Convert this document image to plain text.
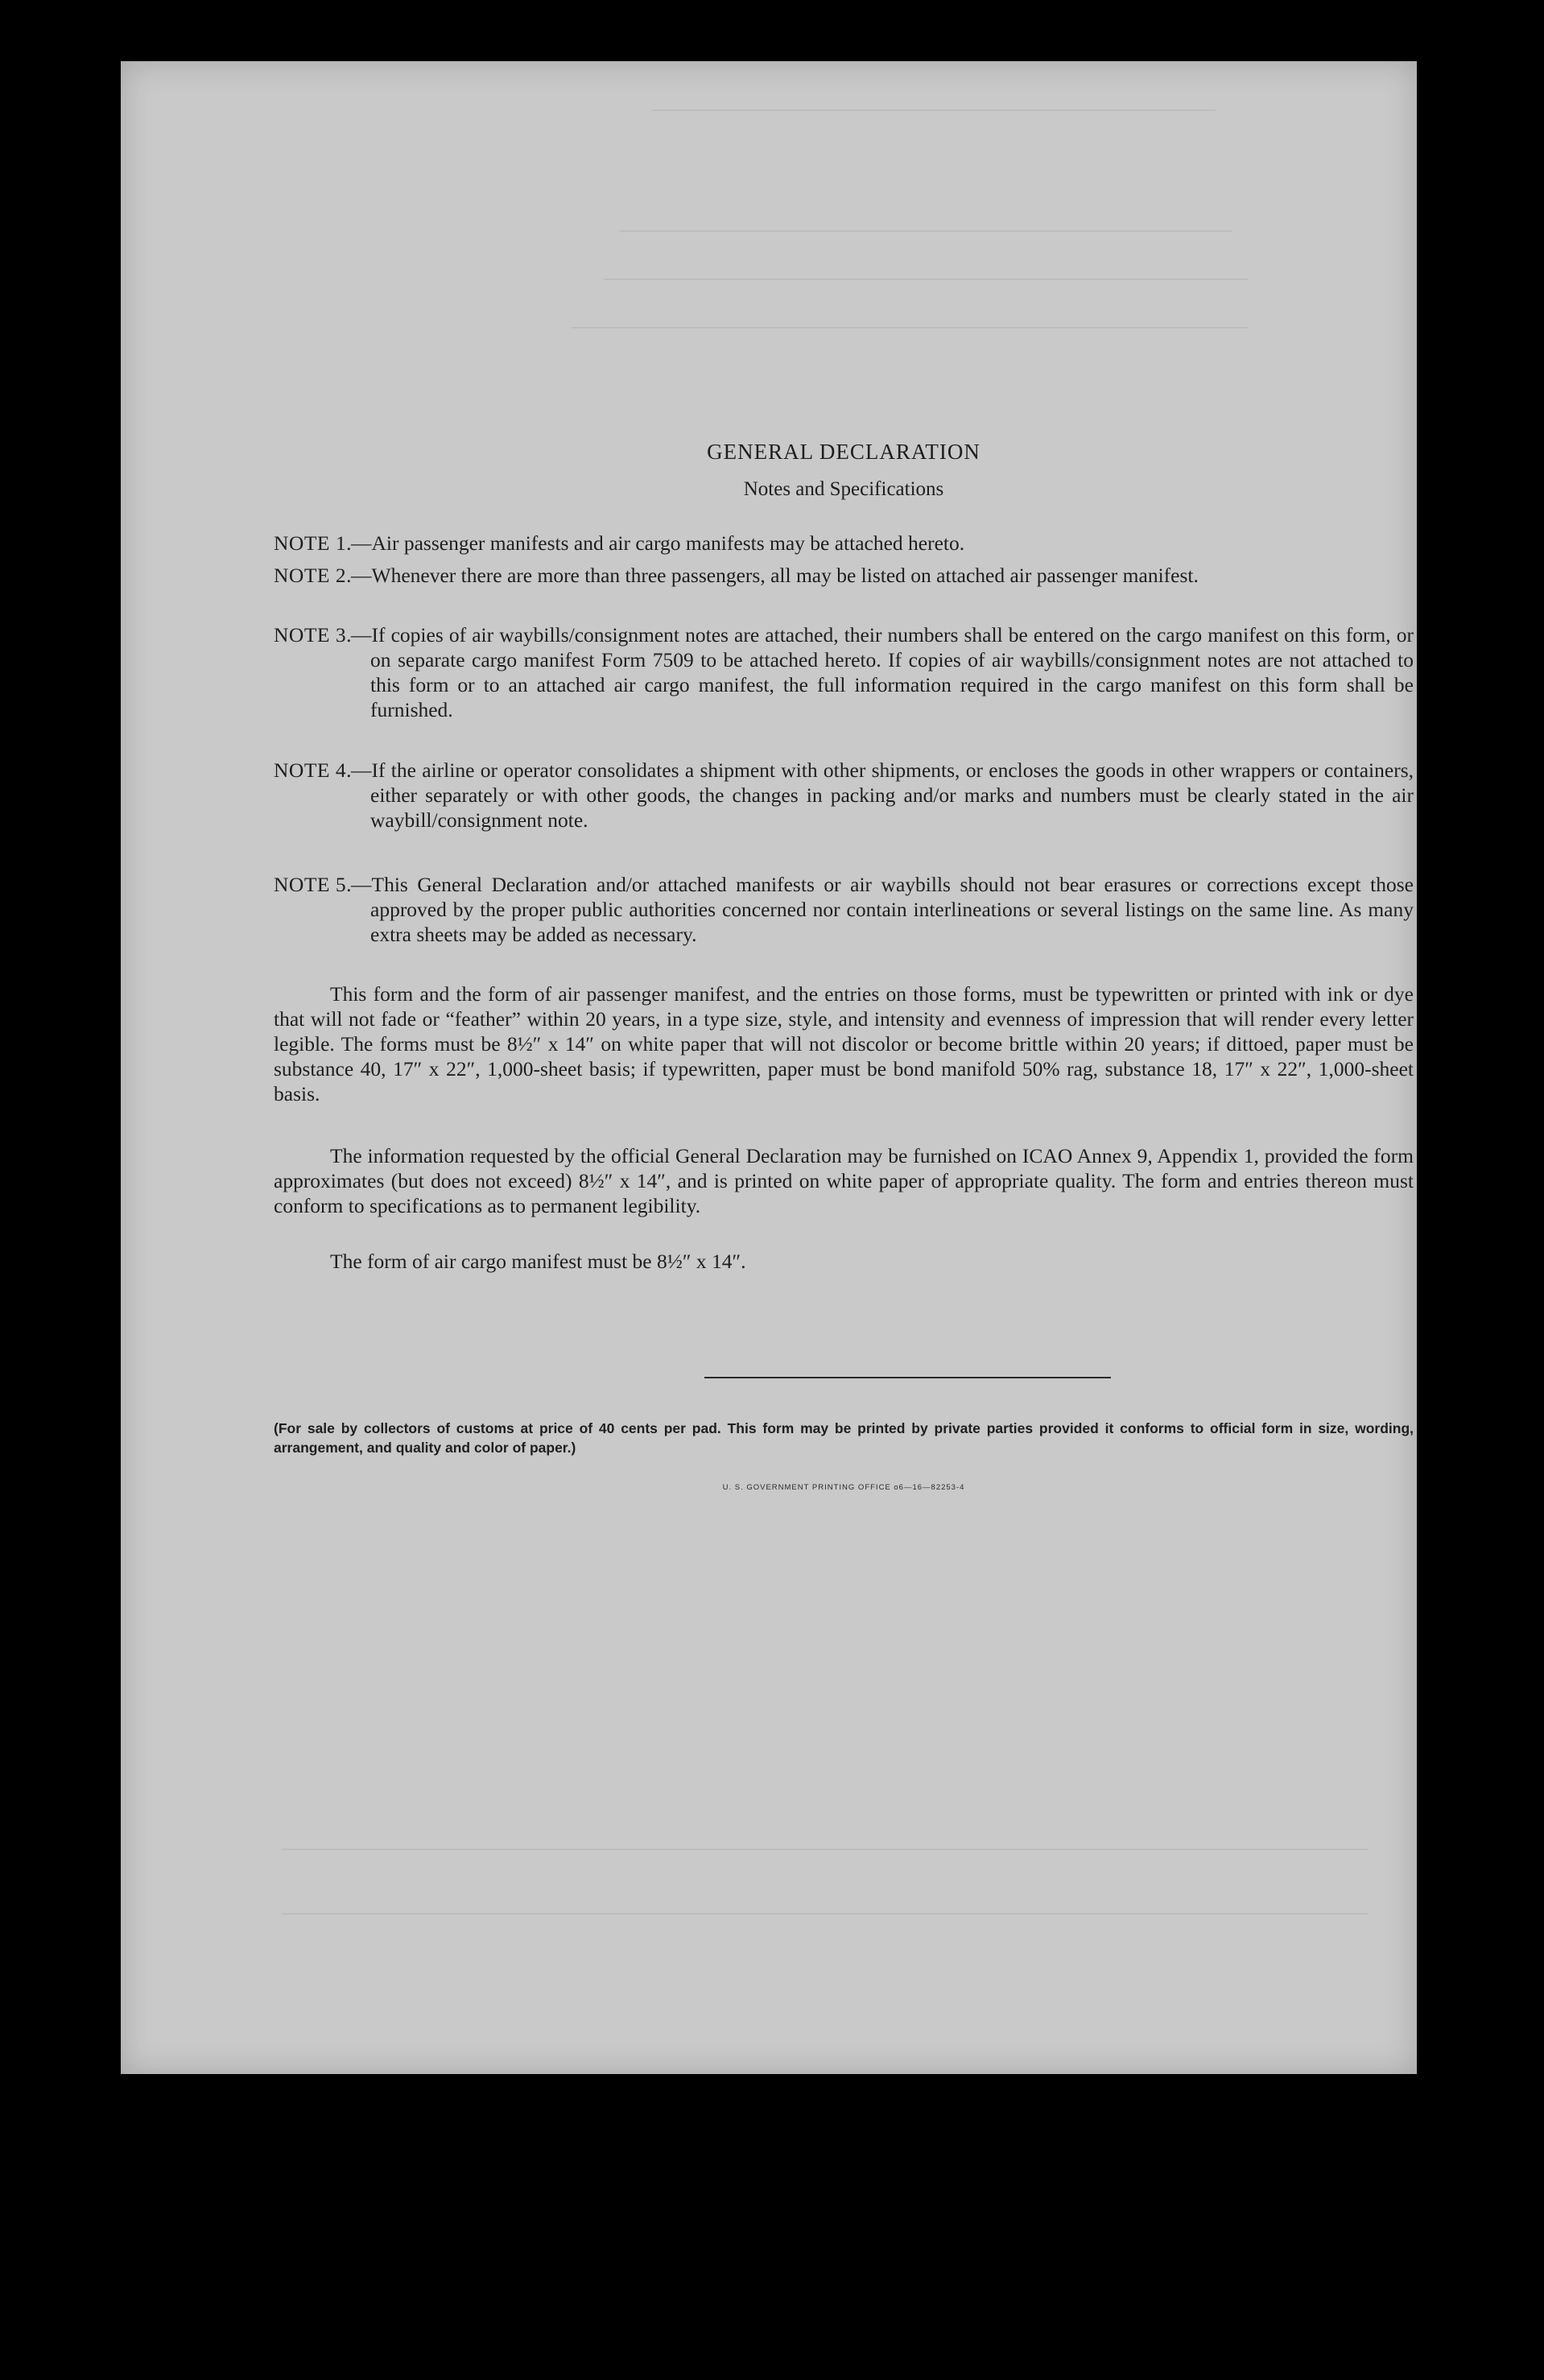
GENERAL DECLARATION
Notes and Specifications
NOTE 1. —Air passenger manifests and air cargo manifests may be attached hereto.
NOTE 2. —Whenever there are more than three passengers, all may be listed on attached air passenger manifest.
NOTE 3. —If copies of air waybills/consignment notes are attached, their numbers shall be entered on the cargo manifest on this form, or on separate cargo manifest Form 7509 to be attached hereto. If copies of air waybills/consignment notes are not attached to this form or to an attached air cargo manifest, the full information required in the cargo manifest on this form shall be furnished.
NOTE 4. —If the airline or operator consolidates a shipment with other shipments, or encloses the goods in other wrappers or containers, either separately or with other goods, the changes in packing and/or marks and numbers must be clearly stated in the air waybill/consignment note.
NOTE 5. —This General Declaration and/or attached manifests or air waybills should not bear erasures or corrections except those approved by the proper public authorities concerned nor contain interlineations or several listings on the same line. As many extra sheets may be added as necessary.
This form and the form of air passenger manifest, and the entries on those forms, must be typewritten or printed with ink or dye that will not fade or “feather” within 20 years, in a type size, style, and intensity and evenness of impression that will render every letter legible. The forms must be 8½″ x 14″ on white paper that will not discolor or become brittle within 20 years; if dittoed, paper must be substance 40, 17″ x 22″, 1,000-sheet basis; if typewritten, paper must be bond manifold 50% rag, substance 18, 17″ x 22″, 1,000-sheet basis.
The information requested by the official General Declaration may be furnished on ICAO Annex 9, Appendix 1, provided the form approximates (but does not exceed) 8½″ x 14″, and is printed on white paper of appropriate quality. The form and entries thereon must conform to specifications as to permanent legibility.
The form of air cargo manifest must be 8½″ x 14″.
(For sale by collectors of customs at price of 40 cents per pad. This form may be printed by private parties provided it conforms to official form in size, wording, arrangement, and quality and color of paper.)
U. S. GOVERNMENT PRINTING OFFICE o6—16—82253-4
